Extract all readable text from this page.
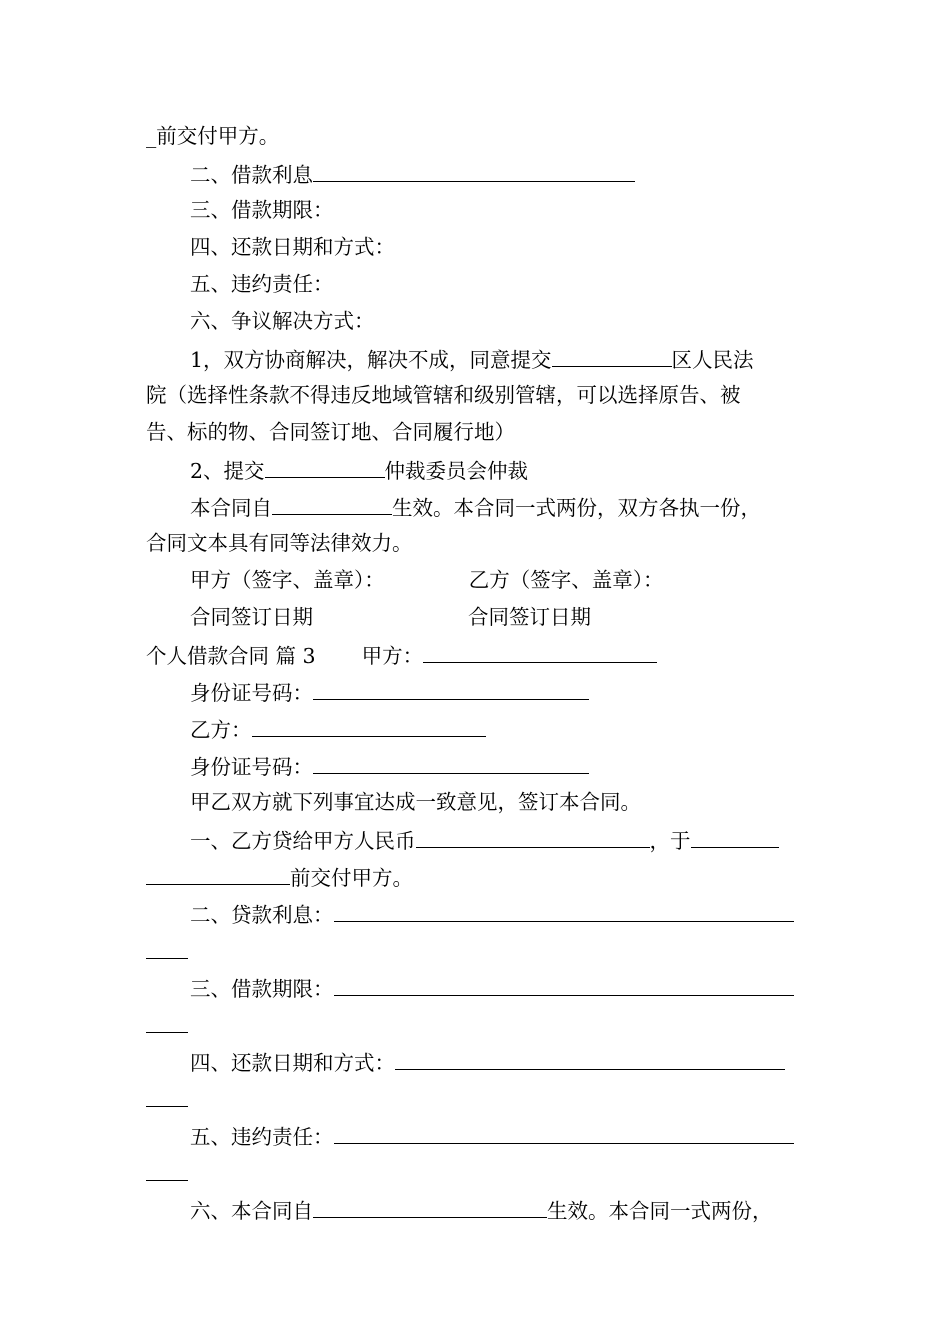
_前交付甲方。
二、借款利息
三、借款期限：
四、还款日期和方式：
五、违约责任：
六、争议解决方式：
1，双方协商解决，解决不成，同意提交	区人民法
院（选择性条款不得违反地域管辖和级别管辖，可以选择原告、被
告、标的物、合同签订地、合同履行地）
2、提交	仲裁委员会仲裁
本合同自	生效。本合同一式两份，双方各执一份，
合同文本具有同等法律效力。
甲方（签字、盖章）：	乙方（签字、盖章）：
合同签订日期	合同签订日期
个人借款合同 篇 3 甲方：
身份证号码：
乙方：
身份证号码：
甲乙双方就下列事宜达成一致意见，签订本合同。
一、乙方贷给甲方人民币	，于
前交付甲方。
二、贷款利息：
三、借款期限：
四、还款日期和方式：
五、违约责任：
六、本合同自	生效。本合同一式两份，
